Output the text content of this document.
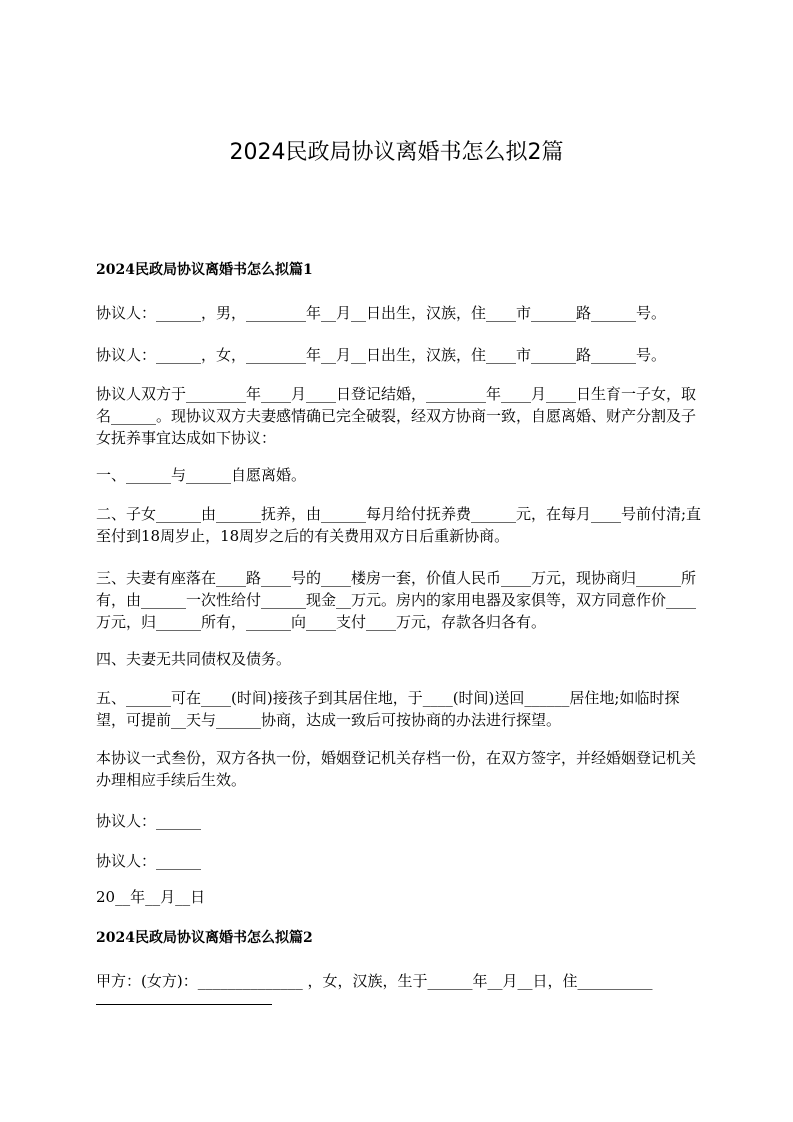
2024民政局协议离婚书怎么拟2篇
2024民政局协议离婚书怎么拟篇1
协议人：______，男，________年__月__日出生，汉族，住____市______路______号。
协议人：______，女，________年__月__日出生，汉族，住____市______路______号。
协议人双方于________年____月____日登记结婚，________年____月____日生育一子女，取名______。现协议双方夫妻感情确已完全破裂，经双方协商一致，自愿离婚、财产分割及子女抚养事宜达成如下协议：
一、______与______自愿离婚。
二、子女______由______抚养，由______每月给付抚养费______元，在每月____号前付清;直至付到18周岁止，18周岁之后的有关费用双方日后重新协商。
三、夫妻有座落在____路____号的____楼房一套，价值人民币____万元，现协商归______所有，由______一次性给付______现金__万元。房内的家用电器及家俱等，双方同意作价____万元，归______所有，______向____支付____万元，存款各归各有。
四、夫妻无共同债权及债务。
五、______可在____(时间)接孩子到其居住地，于____(时间)送回______居住地;如临时探望，可提前__天与______协商，达成一致后可按协商的办法进行探望。
本协议一式叁份，双方各执一份，婚姻登记机关存档一份，在双方签字，并经婚姻登记机关办理相应手续后生效。
协议人：______
协议人：______
20__年__月__日
2024民政局协议离婚书怎么拟篇2
甲方：(女方)：______________ ，女，汉族，生于______年__月__日，住__________
